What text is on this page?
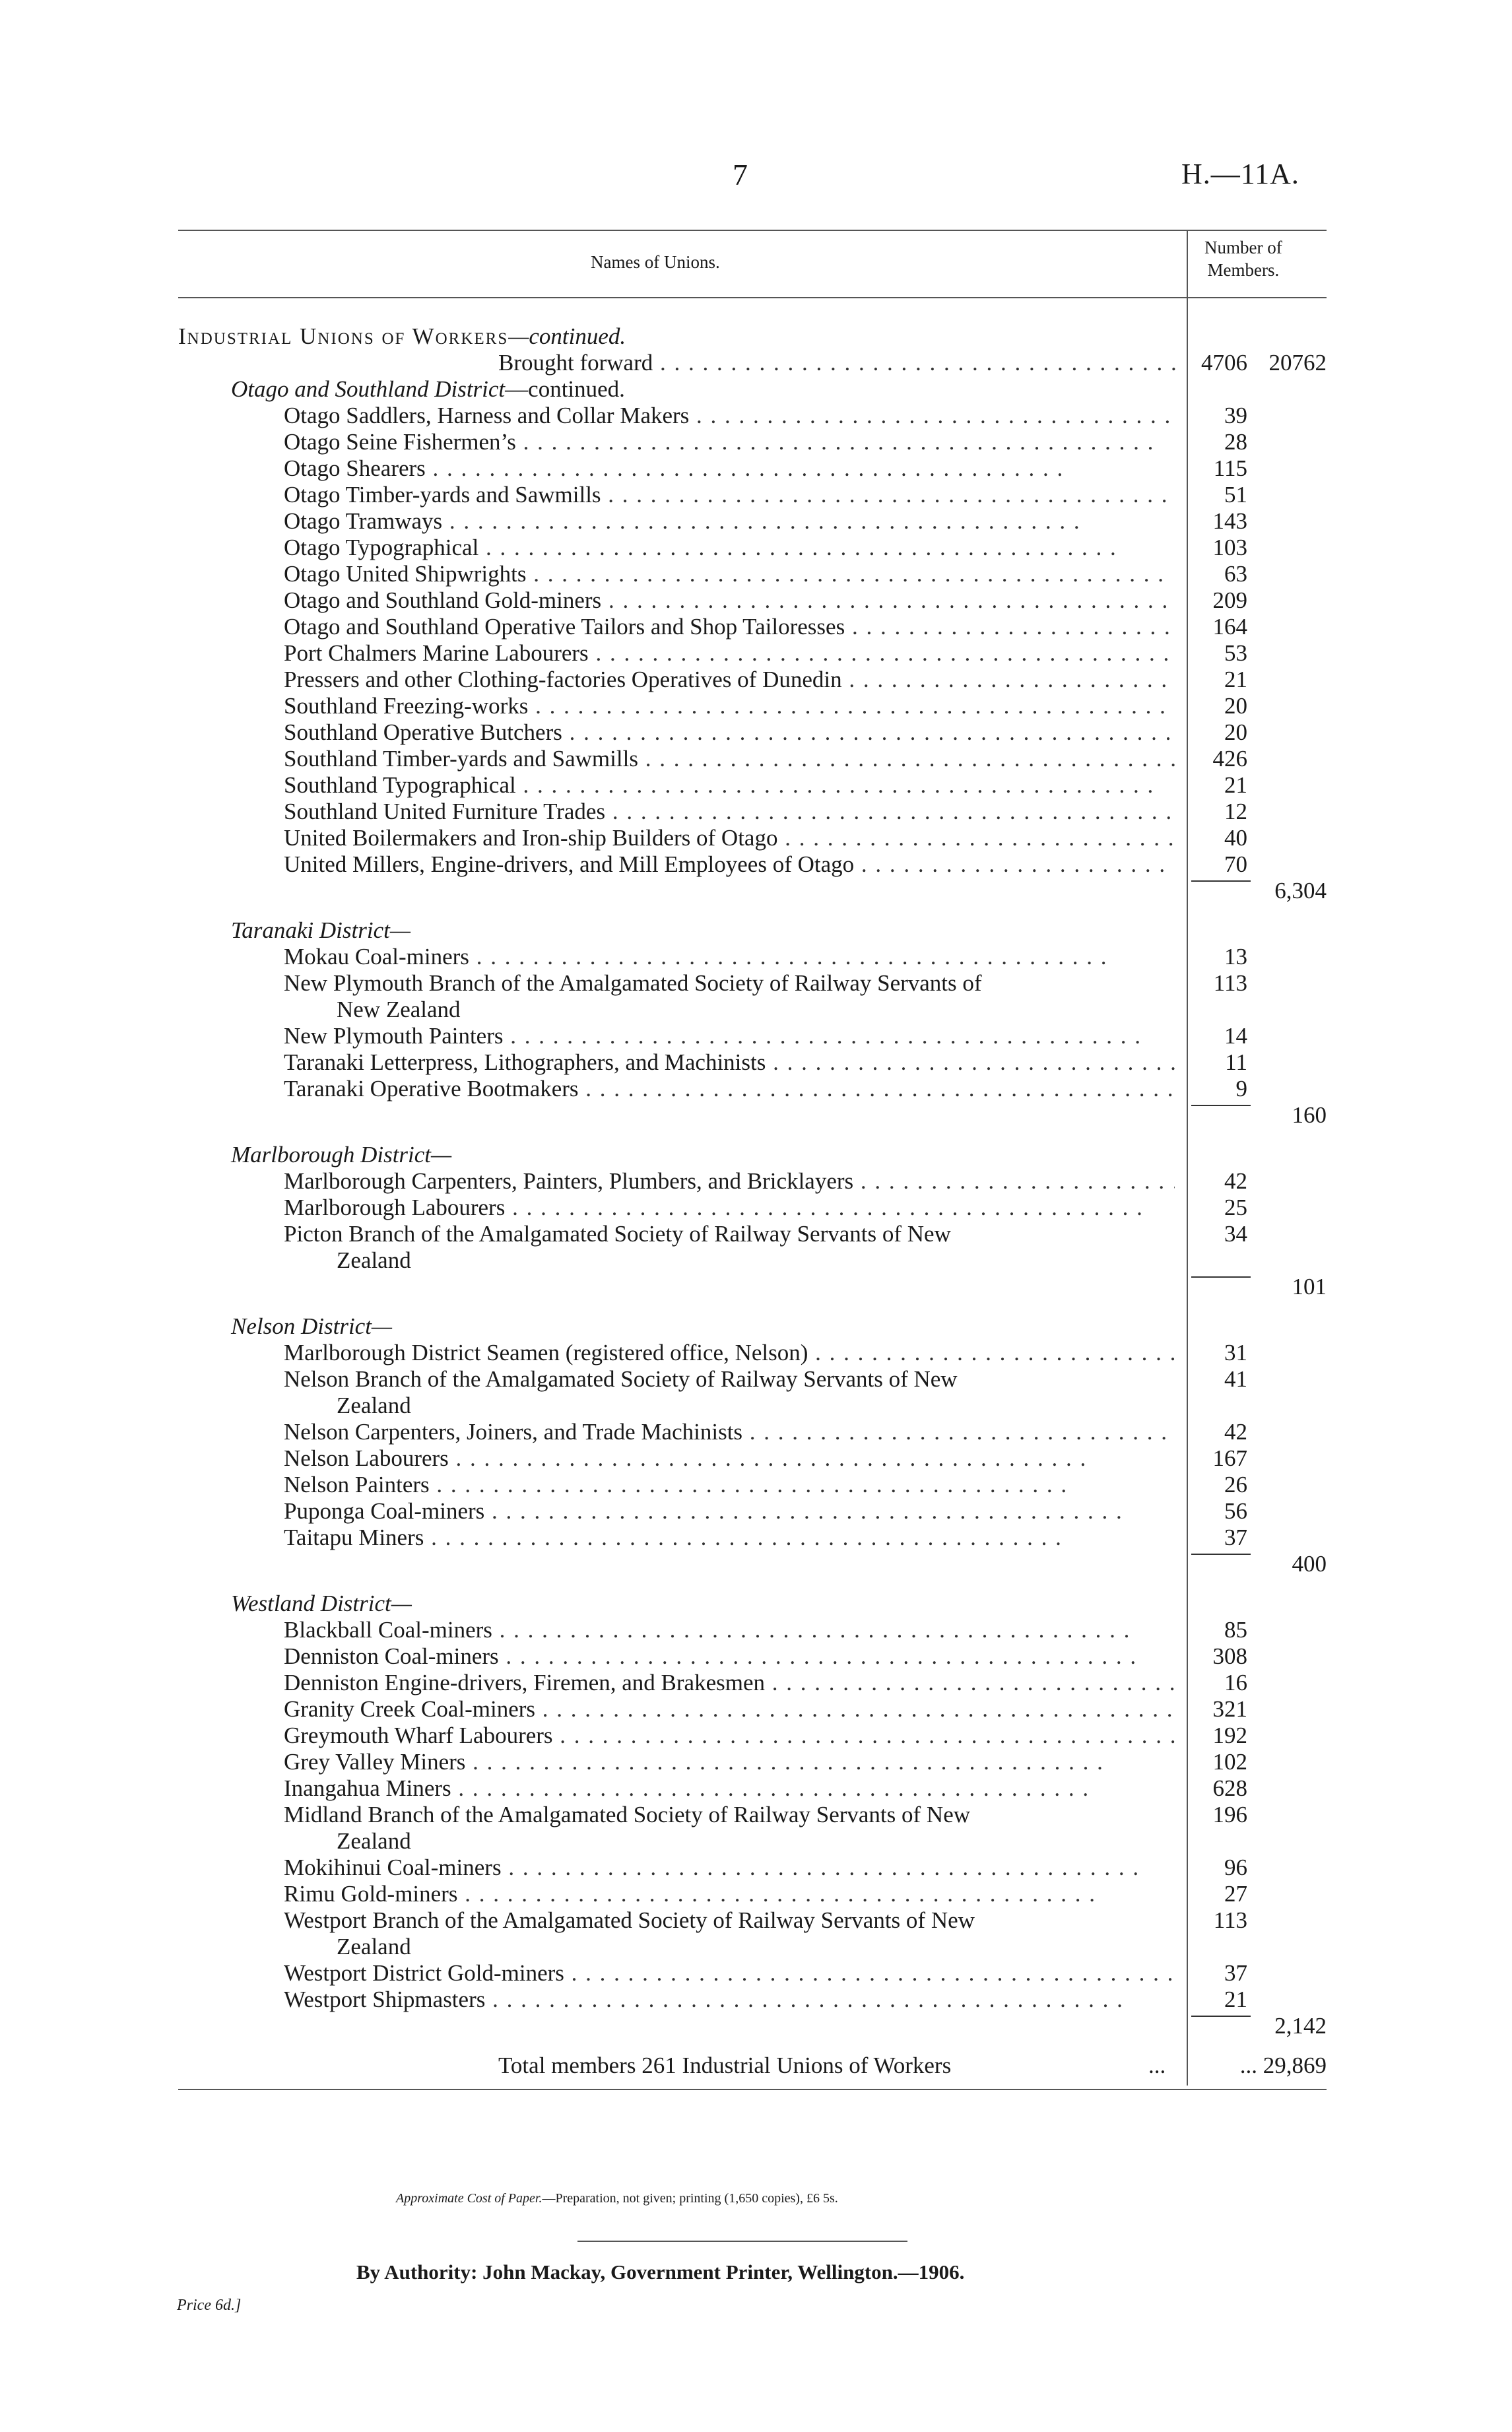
7	H.—11A.
Names of Unions.
Number of
Members.
Industrial Unions of Workers—continued.
Brought forward . . .	4706 20762
Otago and Southland District—continued.
Otago Saddlers, Harness and Collar Makers . . .	39
Otago Seine Fishermen’s . . .	28
Otago Shearers . . .	115
Otago Timber-yards and Sawmills . . .	51
Otago Tramways . . .	143
Otago Typographical . . .	103
Otago United Shipwrights . . .	63
Otago and Southland Gold-miners . . .	209
Otago and Southland Operative Tailors and Shop Tailoresses . . .	164
Port Chalmers Marine Labourers . . .	53
Pressers and other Clothing-factories Operatives of Dunedin . . .	21
Southland Freezing-works . . .	20
Southland Operative Butchers . . .	20
Southland Timber-yards and Sawmills . . .	426
Southland Typographical . . .	21
Southland United Furniture Trades . . .	12
United Boilermakers and Iron-ship Builders of Otago . . .	40
United Millers, Engine-drivers, and Mill Employees of Otago . . .	70
6,304
Taranaki District—
Mokau Coal-miners . . .	13
New Plymouth Branch of the Amalgamated Society of Railway Servants of	113
New Zealand
New Plymouth Painters . . .	14
Taranaki Letterpress, Lithographers, and Machinists . . .	11
Taranaki Operative Bootmakers . . .	9
160
Marlborough District—
Marlborough Carpenters, Painters, Plumbers, and Bricklayers . . .	42
Marlborough Labourers . . .	25
Picton Branch of the Amalgamated Society of Railway Servants of New	34
Zealand
101
Nelson District—
Marlborough District Seamen (registered office, Nelson) . . .	31
Nelson Branch of the Amalgamated Society of Railway Servants of New	41
Zealand
Nelson Carpenters, Joiners, and Trade Machinists . . .	42
Nelson Labourers . . .	167
Nelson Painters . . .	26
Puponga Coal-miners . . .	56
Taitapu Miners . . .	37
400
Westland District—
Blackball Coal-miners . . .	85
Denniston Coal-miners . . .	308
Denniston Engine-drivers, Firemen, and Brakesmen . . .	16
Granity Creek Coal-miners . . .	321
Greymouth Wharf Labourers . . .	192
Grey Valley Miners . . .	102
Inangahua Miners . . .	628
Midland Branch of the Amalgamated Society of Railway Servants of New	196
Zealand
Mokihinui Coal-miners . . .	96
Rimu Gold-miners . . .	27
Westport Branch of the Amalgamated Society of Railway Servants of New	113
Zealand
Westport District Gold-miners . . .	37
Westport Shipmasters . . .	21
2,142
Total members 261 Industrial Unions of Workers	...	... 29,869
Approximate Cost of Paper.—Preparation, not given; printing (1,650 copies), £6 5s.
By Authority: John Mackay, Government Printer, Wellington.—1906.
Price 6d.]
